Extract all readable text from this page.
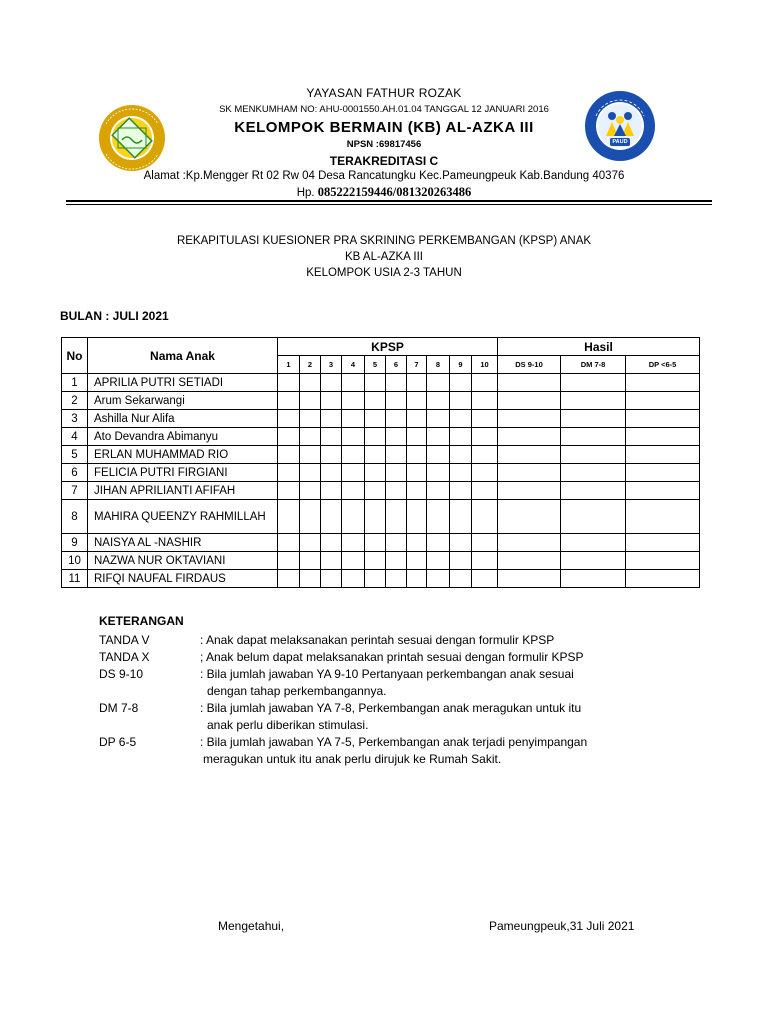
YAYASAN FATHUR ROZAK
SK MENKUMHAM NO: AHU-0001550.AH.01.04 TANGGAL 12 JANUARI 2016
KELOMPOK BERMAIN (KB) AL-AZKA III
NPSN :69817456
TERAKREDITASI C
Alamat :Kp.Mengger Rt 02 Rw 04 Desa Rancatungku Kec.Pameungpeuk Kab.Bandung 40376
Hp. 085222159446/081320263486
PAUD
REKAPITULASI KUESIONER PRA SKRINING PERKEMBANGAN (KPSP) ANAK
KB AL-AZKA III
KELOMPOK USIA 2-3 TAHUN
BULAN : JULI 2021
No	Nama Anak	KPSP										Hasil		
		1	2	3	4	5	6	7	8	9	10	DS 9-10	DM 7-8	DP <6-5
1	APRILIA PUTRI SETIADI													
2	Arum Sekarwangi													
3	Ashilla Nur Alifa													
4	Ato Devandra Abimanyu													
5	ERLAN MUHAMMAD RIO													
6	FELICIA PUTRI FIRGIANI													
7	JIHAN APRILIANTI AFIFAH													
8	MAHIRA QUEENZY RAHMILLAH													
9	NAISYA AL -NASHIR													
10	NAZWA NUR OKTAVIANI													
11	RIFQI NAUFAL FIRDAUS													
KETERANGAN
TANDA V	: Anak dapat melaksanakan perintah sesuai dengan formulir KPSP
TANDA X	; Anak belum dapat melaksanakan printah sesuai dengan formulir KPSP
DS 9-10	: Bila jumlah jawaban YA 9-10 Pertanyaan perkembangan anak sesuai
dengan tahap perkembangannya.
DM 7-8	: Bila jumlah jawaban YA 7-8, Perkembangan anak meragukan untuk itu
anak perlu diberikan stimulasi.
DP 6-5	: Bila jumlah jawaban YA 7-5, Perkembangan anak terjadi penyimpangan
meragukan untuk itu anak perlu dirujuk ke Rumah Sakit.
Mengetahui,	Pameungpeuk,31 Juli 2021
